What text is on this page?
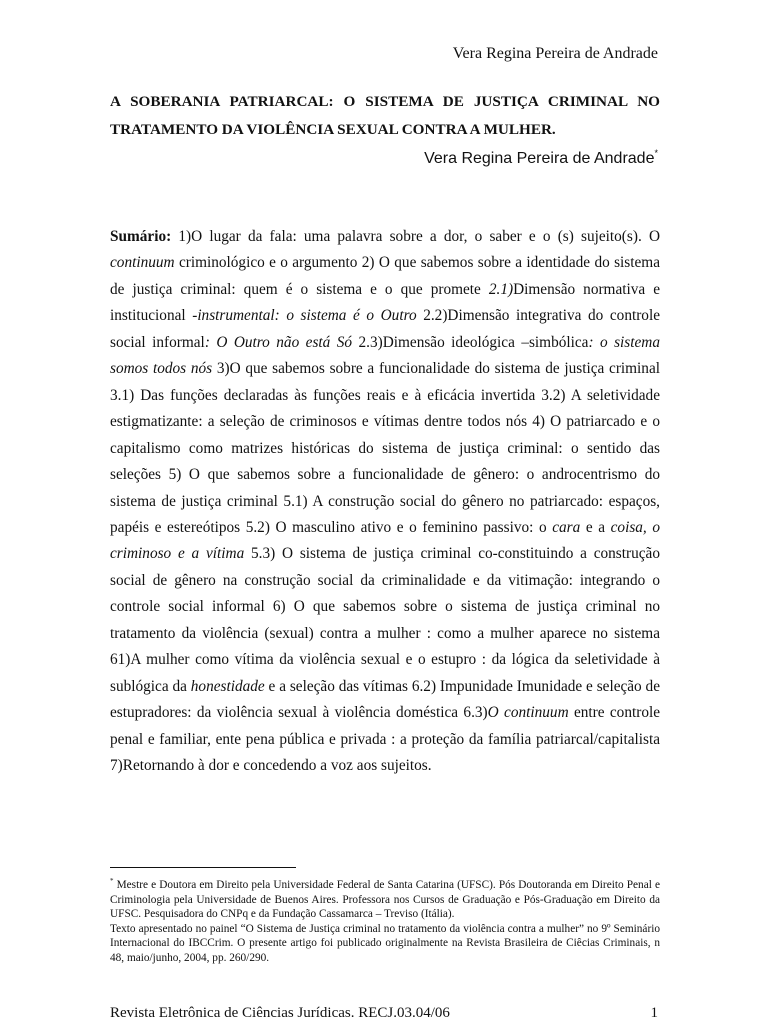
Vera Regina Pereira de Andrade
A SOBERANIA PATRIARCAL: O SISTEMA DE JUSTIÇA CRIMINAL NO
TRATAMENTO DA VIOLÊNCIA SEXUAL CONTRA A MULHER.
Vera Regina Pereira de Andrade*

Sumário: 1)O lugar da fala: uma palavra sobre a dor, o saber e o (s) sujeito(s). O continuum criminológico e o argumento 2) O que sabemos sobre a identidade do sistema de justiça criminal: quem é o sistema e o que promete 2.1)Dimensão normativa e institucional -instrumental: o sistema é o Outro 2.2)Dimensão integrativa do controle social informal: O Outro não está Só 2.3)Dimensão ideológica –simbólica: o sistema somos todos nós 3)O que sabemos sobre a funcionalidade do sistema de justiça criminal 3.1) Das funções declaradas às funções reais e à eficácia invertida 3.2) A seletividade estigmatizante: a seleção de criminosos e vítimas dentre todos nós 4) O patriarcado e o capitalismo como matrizes históricas do sistema de justiça criminal: o sentido das seleções 5) O que sabemos sobre a funcionalidade de gênero: o androcentrismo do sistema de justiça criminal 5.1) A construção social do gênero no patriarcado: espaços, papéis e estereótipos 5.2) O masculino ativo e o feminino passivo: o cara e a coisa, o criminoso e a vítima 5.3) O sistema de justiça criminal co-constituindo a construção social de gênero na construção social da criminalidade e da vitimação: integrando o controle social informal 6) O que sabemos sobre o sistema de justiça criminal no tratamento da violência (sexual) contra a mulher : como a mulher aparece no sistema 61)A mulher como vítima da violência sexual e o estupro : da lógica da seletividade à sublógica da honestidade e a seleção das vítimas 6.2) Impunidade Imunidade e seleção de estupradores: da violência sexual à violência doméstica 6.3)O continuum entre controle penal e familiar, ente pena pública e privada : a proteção da família patriarcal/capitalista 7)Retornando à dor e concedendo a voz aos sujeitos.

* Mestre e Doutora em Direito pela Universidade Federal de Santa Catarina (UFSC). Pós Doutoranda em Direito Penal e Criminologia pela Universidade de Buenos Aires. Professora nos Cursos de Graduação e Pós-Graduação em Direito da UFSC. Pesquisadora do CNPq e da Fundação Cassamarca – Treviso (Itália).
Texto apresentado no painel “O Sistema de Justiça criminal no tratamento da violência contra a mulher” no 9º Seminário Internacional do IBCCrim. O presente artigo foi publicado originalmente na Revista Brasileira de Ciêcias Criminais, n 48, maio/junho, 2004, pp. 260/290.
Revista Eletrônica de Ciências Jurídicas. RECJ.03.04/06	1
